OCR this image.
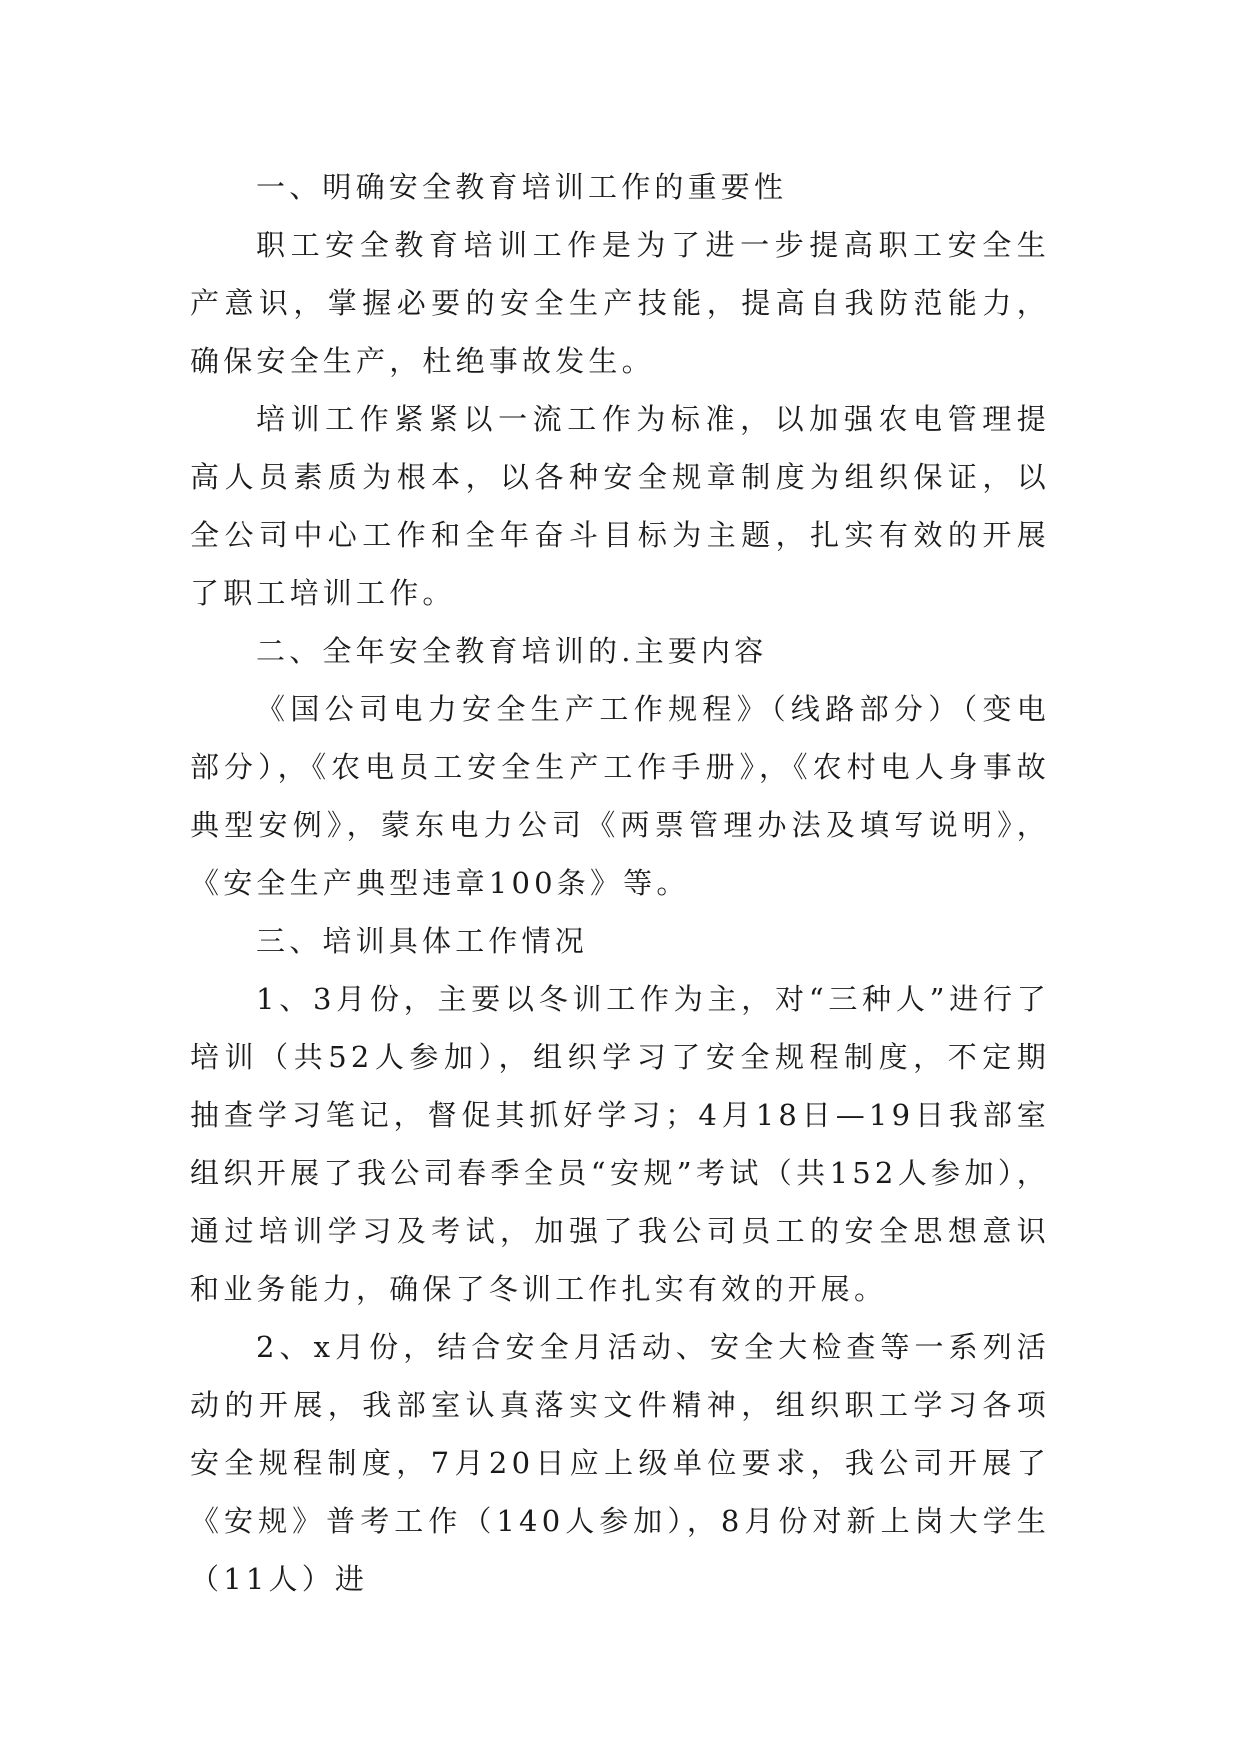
一、明确安全教育培训工作的重要性

职工安全教育培训工作是为了进一步提高职工安全生产意识，掌握必要的安全生产技能，提高自我防范能力，确保安全生产，杜绝事故发生。

培训工作紧紧以一流工作为标准，以加强农电管理提高人员素质为根本，以各种安全规章制度为组织保证，以全公司中心工作和全年奋斗目标为主题，扎实有效的开展了职工培训工作。

二、全年安全教育培训的.主要内容

《国公司电力安全生产工作规程》（线路部分）（变电部分），《农电员工安全生产工作手册》，《农村电人身事故典型安例》，蒙东电力公司《两票管理办法及填写说明》，《安全生产典型违章100条》等。

三、培训具体工作情况

1、3月份，主要以冬训工作为主，对“三种人”进行了培训（共52人参加），组织学习了安全规程制度，不定期抽查学习笔记，督促其抓好学习；4月18日—19日我部室组织开展了我公司春季全员“安规”考试（共152人参加），通过培训学习及考试，加强了我公司员工的安全思想意识和业务能力，确保了冬训工作扎实有效的开展。

2、x月份，结合安全月活动、安全大检查等一系列活动的开展，我部室认真落实文件精神，组织职工学习各项安全规程制度，7月20日应上级单位要求，我公司开展了《安规》普考工作（140人参加），8月份对新上岗大学生（11人）进
